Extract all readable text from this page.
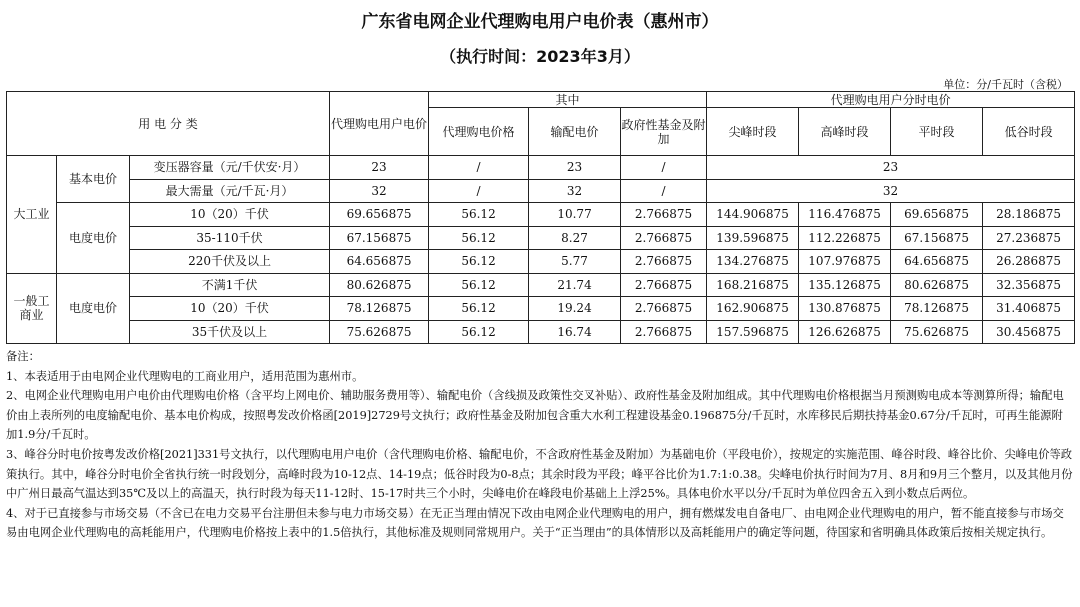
广东省电网企业代理购电用户电价表（惠州市）
（执行时间：2023年3月）
单位：分/千瓦时（含税）
用 电 分 类			代理购电用户电价	其中			代理购电用户分时电价			
				代理购电价格	输配电价	政府性基金及附加	尖峰时段	高峰时段	平时段	低谷时段
大工业	基本电价	变压器容量（元/千伏安·月）	23	/	23	/	23			
		最大需量（元/千瓦·月）	32	/	32	/	32			
	电度电价	10（20）千伏	69.656875	56.12	10.77	2.766875	144.906875	116.476875	69.656875	28.186875
		35-110千伏	67.156875	56.12	8.27	2.766875	139.596875	112.226875	67.156875	27.236875
		220千伏及以上	64.656875	56.12	5.77	2.766875	134.276875	107.976875	64.656875	26.286875
一般工商业	电度电价	不满1千伏	80.626875	56.12	21.74	2.766875	168.216875	135.126875	80.626875	32.356875
		10（20）千伏	78.126875	56.12	19.24	2.766875	162.906875	130.876875	78.126875	31.406875
		35千伏及以上	75.626875	56.12	16.74	2.766875	157.596875	126.626875	75.626875	30.456875
备注：
1、本表适用于由电网企业代理购电的工商业用户，适用范围为惠州市。
2、电网企业代理购电用户电价由代理购电价格（含平均上网电价、辅助服务费用等）、输配电价（含线损及政策性交叉补贴）、政府性基金及附加组成。其中代理购电价格根据当月预测购电成本等测算所得；输配电价由上表所列的电度输配电价、基本电价构成，按照粤发改价格函[2019]2729号文执行；政府性基金及附加包含重大水利工程建设基金0.196875分/千瓦时，水库移民后期扶持基金0.67分/千瓦时，可再生能源附加1.9分/千瓦时。
3、峰谷分时电价按粤发改价格[2021]331号文执行，以代理购电用户电价（含代理购电价格、输配电价，不含政府性基金及附加）为基础电价（平段电价），按规定的实施范围、峰谷时段、峰谷比价、尖峰电价等政策执行。其中，峰谷分时电价全省执行统一时段划分，高峰时段为10-12点、14-19点；低谷时段为0-8点；其余时段为平段；峰平谷比价为1.7:1:0.38。尖峰电价执行时间为7月、8月和9月三个整月，以及其他月份中广州日最高气温达到35℃及以上的高温天，执行时段为每天11-12时、15-17时共三个小时，尖峰电价在峰段电价基础上上浮25%。具体电价水平以分/千瓦时为单位四舍五入到小数点后两位。
4、对于已直接参与市场交易（不含已在电力交易平台注册但未参与电力市场交易）在无正当理由情况下改由电网企业代理购电的用户，拥有燃煤发电自备电厂、由电网企业代理购电的用户，暂不能直接参与市场交易由电网企业代理购电的高耗能用户，代理购电价格按上表中的1.5倍执行，其他标准及规则同常规用户。关于“正当理由”的具体情形以及高耗能用户的确定等问题，待国家和省明确具体政策后按相关规定执行。
